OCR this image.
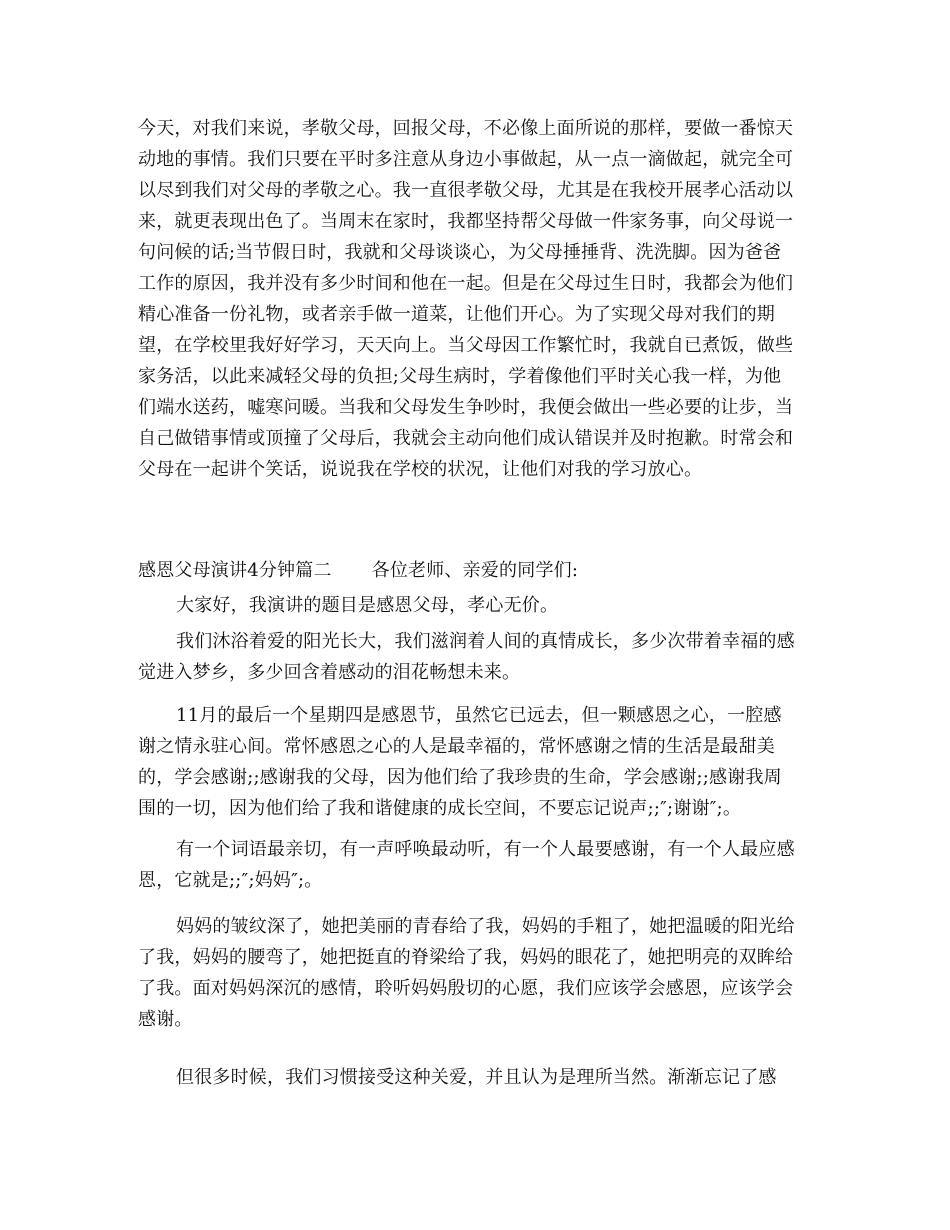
今天，对我们来说，孝敬父母，回报父母，不必像上面所说的那样，要做一番惊天
动地的事情。我们只要在平时多注意从身边小事做起，从一点一滴做起，就完全可
以尽到我们对父母的孝敬之心。我一直很孝敬父母，尤其是在我校开展孝心活动以
来，就更表现出色了。当周末在家时，我都坚持帮父母做一件家务事，向父母说一
句问候的话;当节假日时，我就和父母谈谈心，为父母捶捶背、洗洗脚。因为爸爸
工作的原因，我并没有多少时间和他在一起。但是在父母过生日时，我都会为他们
精心准备一份礼物，或者亲手做一道菜，让他们开心。为了实现父母对我们的期
望，在学校里我好好学习，天天向上。当父母因工作繁忙时，我就自已煮饭，做些
家务活，以此来减轻父母的负担;父母生病时，学着像他们平时关心我一样，为他
们端水送药，嘘寒问暖。当我和父母发生争吵时，我便会做出一些必要的让步，当
自己做错事情或顶撞了父母后，我就会主动向他们成认错误并及时抱歉。时常会和
父母在一起讲个笑话，说说我在学校的状况，让他们对我的学习放心。
感恩父母演讲4分钟篇二 各位老师、亲爱的同学们:
大家好，我演讲的题目是感恩父母，孝心无价。
我们沐浴着爱的阳光长大，我们滋润着人间的真情成长，多少次带着幸福的感
觉进入梦乡，多少回含着感动的泪花畅想未来。
11月的最后一个星期四是感恩节，虽然它已远去，但一颗感恩之心，一腔感
谢之情永驻心间。常怀感恩之心的人是最幸福的，常怀感谢之情的生活是最甜美
的，学会感谢;;感谢我的父母，因为他们给了我珍贵的生命，学会感谢;;感谢我周
围的一切，因为他们给了我和谐健康的成长空间，不要忘记说声;;″;谢谢″;。
有一个词语最亲切，有一声呼唤最动听，有一个人最要感谢，有一个人最应感
恩，它就是;;″;妈妈″;。
妈妈的皱纹深了，她把美丽的青春给了我，妈妈的手粗了，她把温暖的阳光给
了我，妈妈的腰弯了，她把挺直的脊梁给了我，妈妈的眼花了，她把明亮的双眸给
了我。面对妈妈深沉的感情，聆听妈妈殷切的心愿，我们应该学会感恩，应该学会
感谢。
但很多时候，我们习惯接受这种关爱，并且认为是理所当然。渐渐忘记了感
